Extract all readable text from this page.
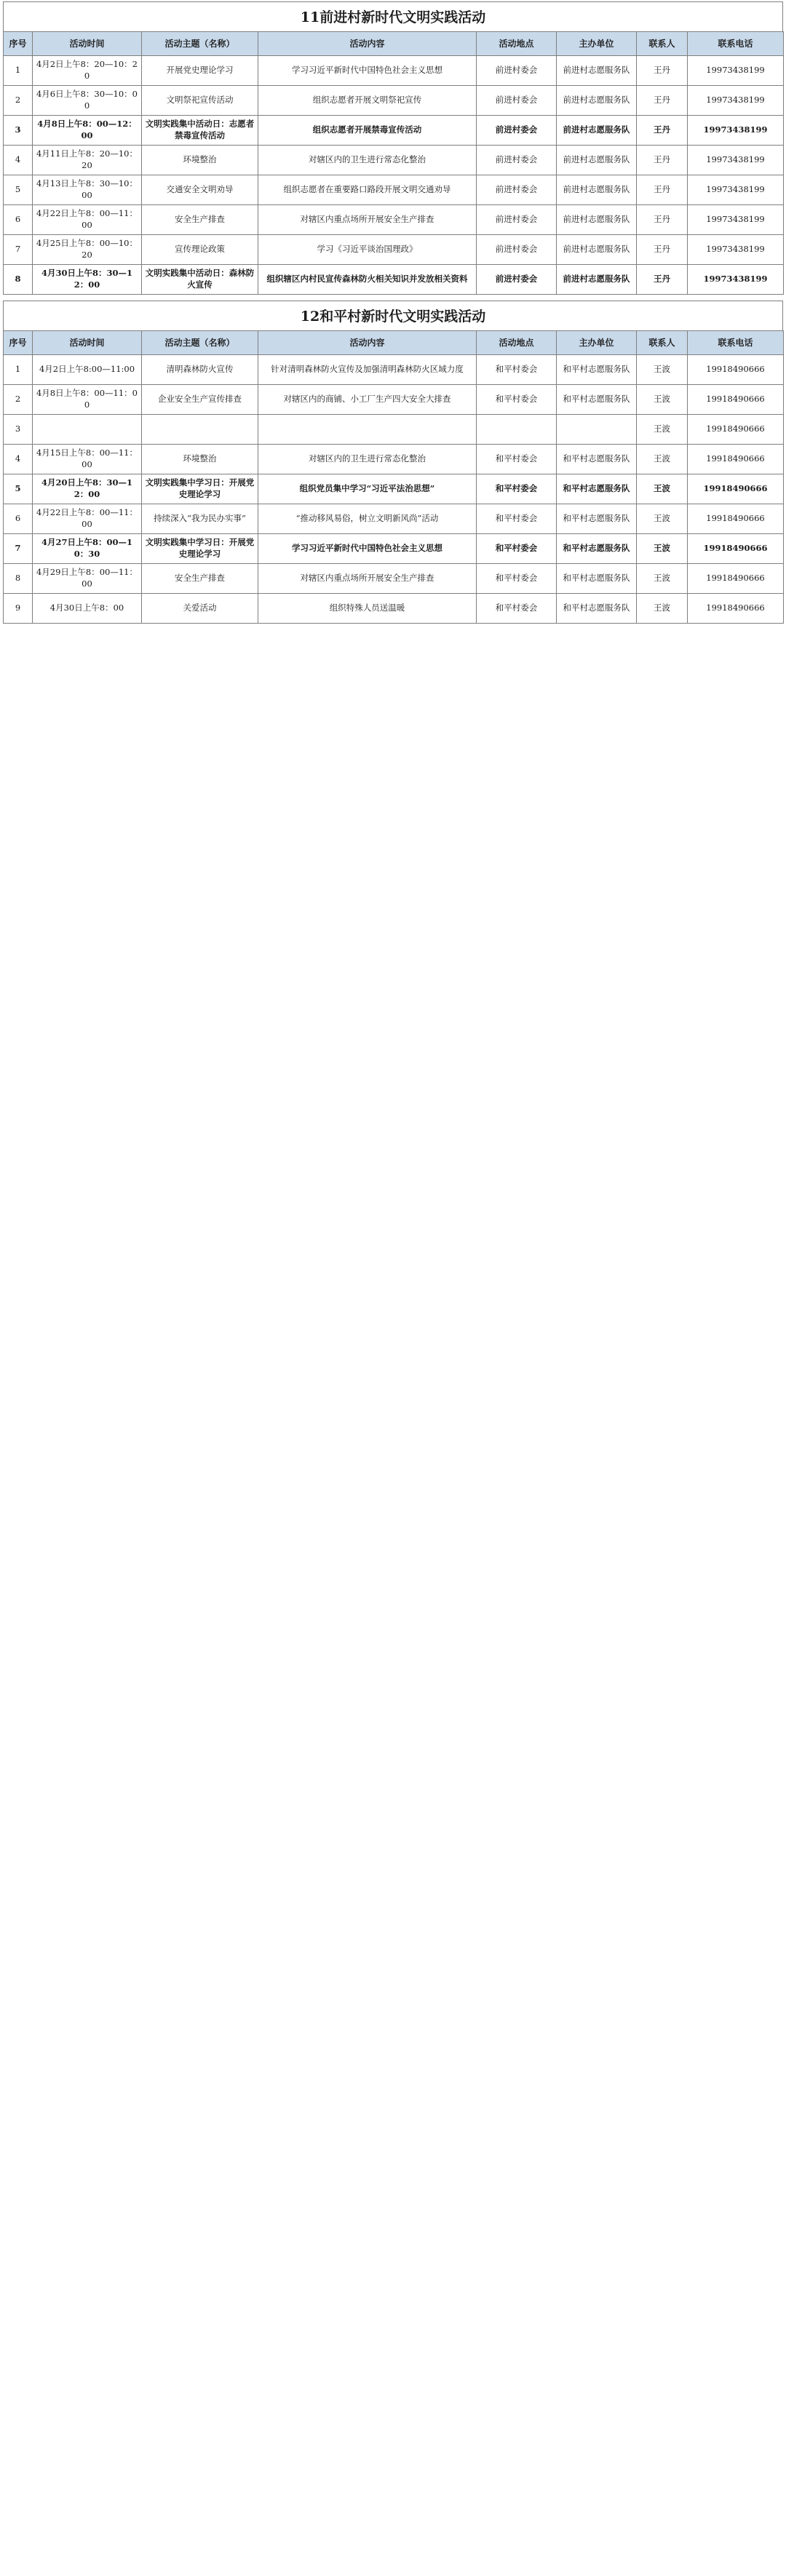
11前进村新时代文明实践活动
序号	活动时间	活动主题（名称）	活动内容	活动地点	主办单位	联系人	联系电话
1	4月2日上午8：20—10：20	开展党史理论学习	学习习近平新时代中国特色社会主义思想	前进村委会	前进村志愿服务队	王丹	19973438199
2	4月6日上午8：30—10：00	文明祭祀宣传活动	组织志愿者开展文明祭祀宣传	前进村委会	前进村志愿服务队	王丹	19973438199
3	4月8日上午8：00—12：00	文明实践集中活动日：志愿者禁毒宣传活动	组织志愿者开展禁毒宣传活动	前进村委会	前进村志愿服务队	王丹	19973438199
4	4月11日上午8：20—10：20	环境整治	对辖区内的卫生进行常态化整治	前进村委会	前进村志愿服务队	王丹	19973438199
5	4月13日上午8：30—10：00	交通安全文明劝导	组织志愿者在重要路口路段开展文明交通劝导	前进村委会	前进村志愿服务队	王丹	19973438199
6	4月22日上午8：00—11：00	安全生产排查	对辖区内重点场所开展安全生产排查	前进村委会	前进村志愿服务队	王丹	19973438199
7	4月25日上午8：00—10：20	宣传理论政策	学习《习近平谈治国理政》	前进村委会	前进村志愿服务队	王丹	19973438199
8	4月30日上午8：30—12：00	文明实践集中活动日：森林防火宣传	组织辖区内村民宣传森林防火相关知识并发放相关资料	前进村委会	前进村志愿服务队	王丹	19973438199
12和平村新时代文明实践活动
序号	活动时间	活动主题（名称）	活动内容	活动地点	主办单位	联系人	联系电话
1	4月2日上午8:00—11:00	清明森林防火宣传	针对清明森林防火宣传及加强清明森林防火区域力度	和平村委会	和平村志愿服务队	王波	19918490666
2	4月8日上午8：00—11：00	企业安全生产宣传排查	对辖区内的商铺、小工厂生产四大安全大排查	和平村委会	和平村志愿服务队	王波	19918490666
3						王波	19918490666
4	4月15日上午8：00—11：00	环境整治	对辖区内的卫生进行常态化整治	和平村委会	和平村志愿服务队	王波	19918490666
5	4月20日上午8：30—12：00	文明实践集中学习日：开展党史理论学习	组织党员集中学习“习近平法治思想”	和平村委会	和平村志愿服务队	王波	19918490666
6	4月22日上午8：00—11：00	持续深入“我为民办实事”	“推动移风易俗，树立文明新风尚”活动	和平村委会	和平村志愿服务队	王波	19918490666
7	4月27日上午8：00—10：30	文明实践集中学习日：开展党史理论学习	学习习近平新时代中国特色社会主义思想	和平村委会	和平村志愿服务队	王波	19918490666
8	4月29日上午8：00—11：00	安全生产排查	对辖区内重点场所开展安全生产排查	和平村委会	和平村志愿服务队	王波	19918490666
9	4月30日上午8：00	关爱活动	组织特殊人员送温暖	和平村委会	和平村志愿服务队	王波	19918490666
